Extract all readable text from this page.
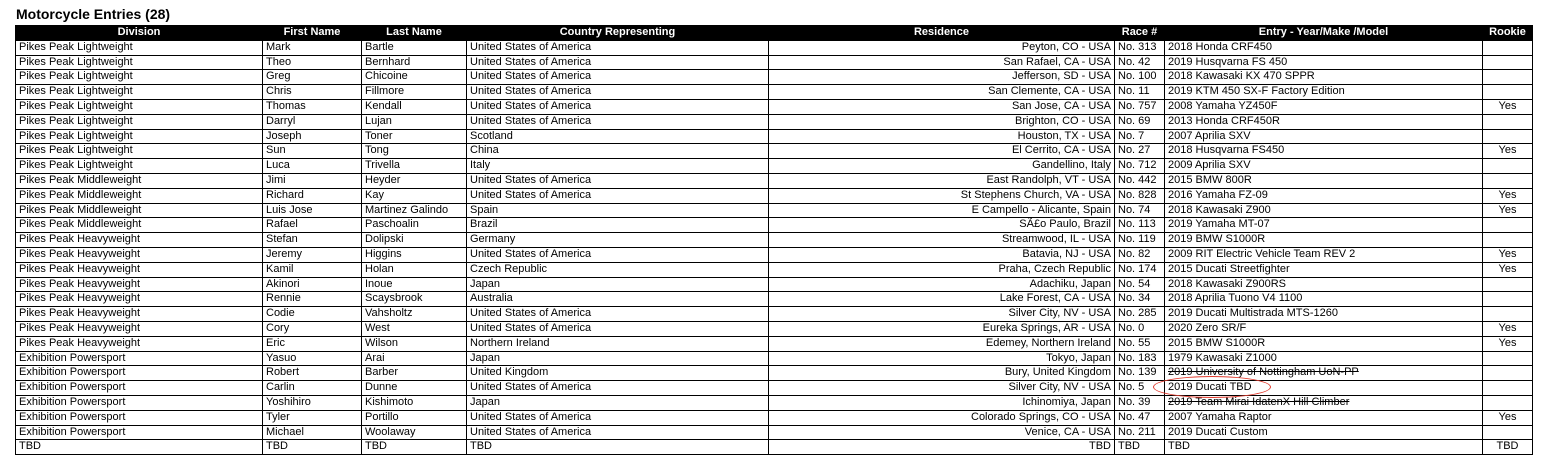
Motorcycle Entries (28)
Division	First Name	Last Name	Country Representing	Residence	Race #	Entry - Year/Make /Model	Rookie
Pikes Peak Lightweight	Mark	Bartle	United States of America	Peyton, CO - USA	No. 313	2018 Honda CRF450	
Pikes Peak Lightweight	Theo	Bernhard	United States of America	San Rafael, CA - USA	No. 42	2019 Husqvarna FS 450	
Pikes Peak Lightweight	Greg	Chicoine	United States of America	Jefferson, SD - USA	No. 100	2018 Kawasaki KX 470 SPPR	
Pikes Peak Lightweight	Chris	Fillmore	United States of America	San Clemente, CA - USA	No. 11	2019 KTM 450 SX-F Factory Edition	
Pikes Peak Lightweight	Thomas	Kendall	United States of America	San Jose, CA - USA	No. 757	2008 Yamaha YZ450F	Yes
Pikes Peak Lightweight	Darryl	Lujan	United States of America	Brighton, CO - USA	No. 69	2013 Honda CRF450R	
Pikes Peak Lightweight	Joseph	Toner	Scotland	Houston, TX - USA	No. 7	2007 Aprilia SXV	
Pikes Peak Lightweight	Sun	Tong	China	El Cerrito, CA - USA	No. 27	2018 Husqvarna FS450	Yes
Pikes Peak Lightweight	Luca	Trivella	Italy	Gandellino, Italy	No. 712	2009 Aprilia SXV	
Pikes Peak Middleweight	Jimi	Heyder	United States of America	East Randolph, VT - USA	No. 442	2015 BMW 800R	
Pikes Peak Middleweight	Richard	Kay	United States of America	St Stephens Church, VA - USA	No. 828	2016 Yamaha FZ-09	Yes
Pikes Peak Middleweight	Luis Jose	Martinez Galindo	Spain	E Campello - Alicante, Spain	No. 74	2018 Kawasaki Z900	Yes
Pikes Peak Middleweight	Rafael	Paschoalin	Brazil	SÃ£o Paulo, Brazil	No. 113	2019 Yamaha MT-07	
Pikes Peak Heavyweight	Stefan	Dolipski	Germany	Streamwood, IL - USA	No. 119	2019 BMW S1000R	
Pikes Peak Heavyweight	Jeremy	Higgins	United States of America	Batavia, NJ - USA	No. 82	2009 RIT Electric Vehicle Team REV 2	Yes
Pikes Peak Heavyweight	Kamil	Holan	Czech Republic	Praha, Czech Republic	No. 174	2015 Ducati Streetfighter	Yes
Pikes Peak Heavyweight	Akinori	Inoue	Japan	Adachiku, Japan	No. 54	2018 Kawasaki Z900RS	
Pikes Peak Heavyweight	Rennie	Scaysbrook	Australia	Lake Forest, CA - USA	No. 34	2018 Aprilia Tuono V4 1100	
Pikes Peak Heavyweight	Codie	Vahsholtz	United States of America	Silver City, NV - USA	No. 285	2019 Ducati Multistrada MTS-1260	
Pikes Peak Heavyweight	Cory	West	United States of America	Eureka Springs, AR - USA	No. 0	2020 Zero SR/F	Yes
Pikes Peak Heavyweight	Eric	Wilson	Northern Ireland	Edemey, Northern Ireland	No. 55	2015 BMW S1000R	Yes
Exhibition Powersport	Yasuo	Arai	Japan	Tokyo, Japan	No. 183	1979 Kawasaki Z1000	
Exhibition Powersport	Robert	Barber	United Kingdom	Bury, United Kingdom	No. 139	2019 University of Nottingham UoN-PP	
Exhibition Powersport	Carlin	Dunne	United States of America	Silver City, NV - USA	No. 5	2019 Ducati TBD	
Exhibition Powersport	Yoshihiro	Kishimoto	Japan	Ichinomiya, Japan	No. 39	2019 Team Mirai IdatenX Hill Climber	
Exhibition Powersport	Tyler	Portillo	United States of America	Colorado Springs, CO - USA	No. 47	2007 Yamaha Raptor	Yes
Exhibition Powersport	Michael	Woolaway	United States of America	Venice, CA - USA	No. 211	2019 Ducati Custom	
TBD	TBD	TBD	TBD	TBD	TBD	TBD	TBD
